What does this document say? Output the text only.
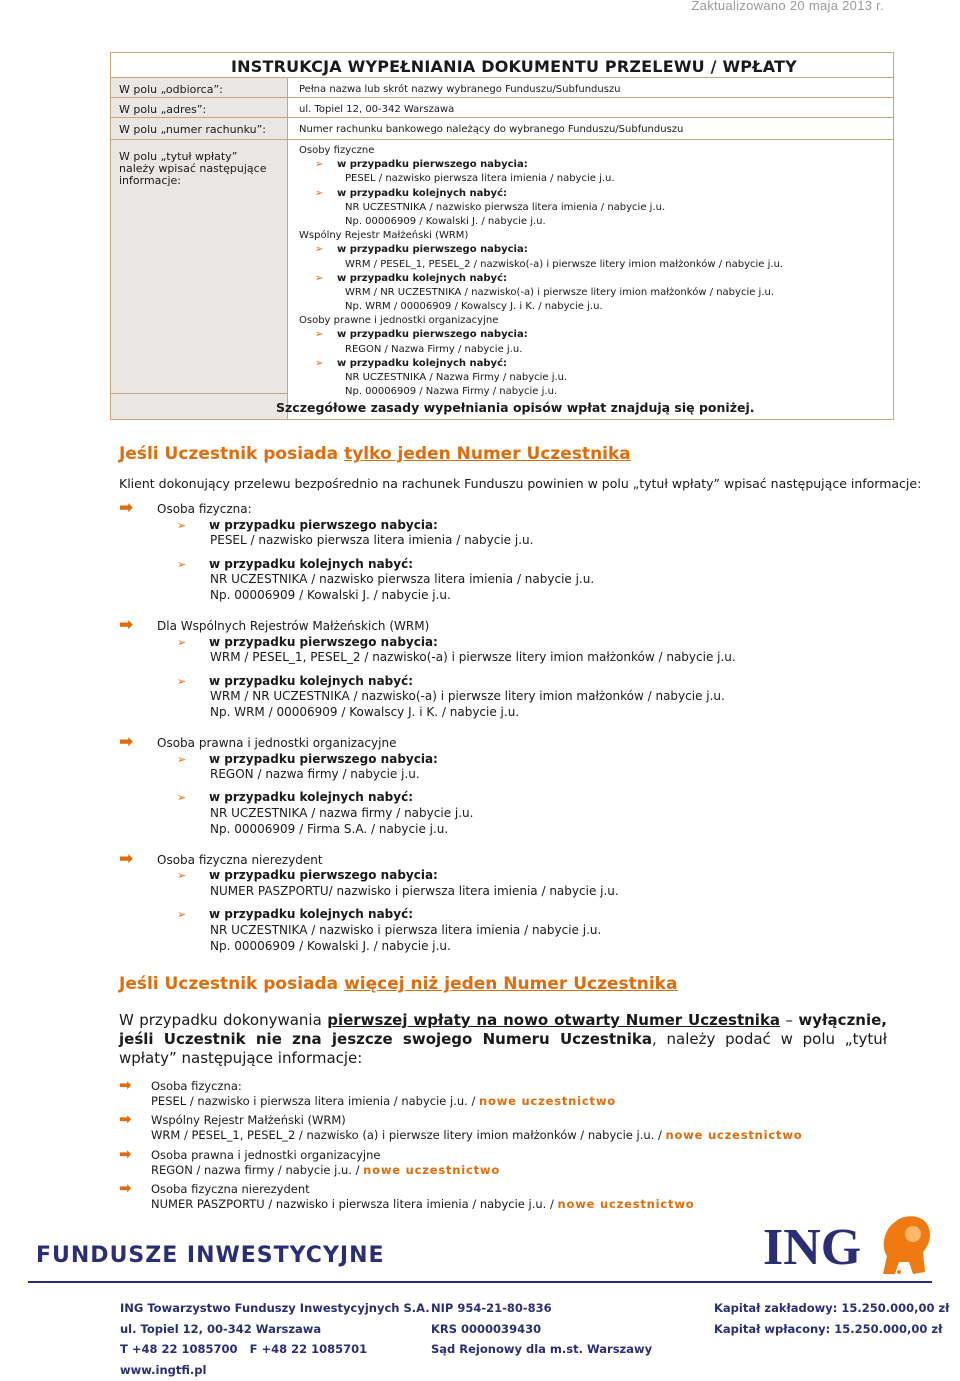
Zaktualizowano 20 maja 2013 r.
INSTRUKCJA WYPEŁNIANIA DOKUMENTU PRZELEWU / WPŁATY
W polu „odbiorca”:
W polu „adres”:
W polu „numer rachunku”:
W polu „tytuł wpłaty” należy wpisać następujące informacje:
Pełna nazwa lub skrót nazwy wybranego Funduszu/Subfunduszu
ul. Topiel 12, 00-342 Warszawa
Numer rachunku bankowego należący do wybranego Funduszu/Subfunduszu
Osoby fizyczne
➢ w przypadku pierwszego nabycia:
PESEL / nazwisko pierwsza litera imienia / nabycie j.u.
➢ w przypadku kolejnych nabyć:
NR UCZESTNIKA / nazwisko pierwsza litera imienia / nabycie j.u.
Np. 00006909 / Kowalski J. / nabycie j.u.
Wspólny Rejestr Małżeński (WRM)
➢ w przypadku pierwszego nabycia:
WRM / PESEL_1, PESEL_2 / nazwisko(-a) i pierwsze litery imion małżonków / nabycie j.u.
➢ w przypadku kolejnych nabyć:
WRM / NR UCZESTNIKA / nazwisko(-a) i pierwsze litery imion małżonków / nabycie j.u.
Np. WRM / 00006909 / Kowalscy J. i K. / nabycie j.u.
Osoby prawne i jednostki organizacyjne
➢ w przypadku pierwszego nabycia:
REGON / Nazwa Firmy / nabycie j.u.
➢ w przypadku kolejnych nabyć:
NR UCZESTNIKA / Nazwa Firmy / nabycie j.u.
Np. 00006909 / Nazwa Firmy / nabycie j.u.
Szczegółowe zasady wypełniania opisów wpłat znajdują się poniżej.
Jeśli Uczestnik posiada tylko jeden Numer Uczestnika
Klient dokonujący przelewu bezpośrednio na rachunek Funduszu powinien w polu „tytuł wpłaty” wpisać następujące informacje:
➡ Osoba fizyczna:
➢ w przypadku pierwszego nabycia:
PESEL / nazwisko pierwsza litera imienia / nabycie j.u.
➢ w przypadku kolejnych nabyć:
NR UCZESTNIKA / nazwisko pierwsza litera imienia / nabycie j.u.
Np. 00006909 / Kowalski J. / nabycie j.u.
➡ Dla Wspólnych Rejestrów Małżeńskich (WRM)
➢ w przypadku pierwszego nabycia:
WRM / PESEL_1, PESEL_2 / nazwisko(-a) i pierwsze litery imion małżonków / nabycie j.u.
➢ w przypadku kolejnych nabyć:
WRM / NR UCZESTNIKA / nazwisko(-a) i pierwsze litery imion małżonków / nabycie j.u.
Np. WRM / 00006909 / Kowalscy J. i K. / nabycie j.u.
➡ Osoba prawna i jednostki organizacyjne
➢ w przypadku pierwszego nabycia:
REGON / nazwa firmy / nabycie j.u.
➢ w przypadku kolejnych nabyć:
NR UCZESTNIKA / nazwa firmy / nabycie j.u.
Np. 00006909 / Firma S.A. / nabycie j.u.
➡ Osoba fizyczna nierezydent
➢ w przypadku pierwszego nabycia:
NUMER PASZPORTU/ nazwisko i pierwsza litera imienia / nabycie j.u.
➢ w przypadku kolejnych nabyć:
NR UCZESTNIKA / nazwisko i pierwsza litera imienia / nabycie j.u.
Np. 00006909 / Kowalski J. / nabycie j.u.
Jeśli Uczestnik posiada więcej niż jeden Numer Uczestnika
W przypadku dokonywania pierwszej wpłaty na nowo otwarty Numer Uczestnika – wyłącznie, jeśli Uczestnik nie zna jeszcze swojego Numeru Uczestnika, należy podać w polu „tytuł wpłaty” następujące informacje:
➡ Osoba fizyczna:
PESEL / nazwisko i pierwsza litera imienia / nabycie j.u. / nowe uczestnictwo
➡ Wspólny Rejestr Małżeński (WRM)
WRM / PESEL_1, PESEL_2 / nazwisko (a) i pierwsze litery imion małżonków / nabycie j.u. / nowe uczestnictwo
➡ Osoba prawna i jednostki organizacyjne
REGON / nazwa firmy / nabycie j.u. / nowe uczestnictwo
➡ Osoba fizyczna nierezydent
NUMER PASZPORTU / nazwisko i pierwsza litera imienia / nabycie j.u. / nowe uczestnictwo
FUNDUSZE INWESTYCYJNE	ING
ING Towarzystwo Funduszy Inwestycyjnych S.A.
ul. Topiel 12, 00-342 Warszawa
T +48 22 1085700 F +48 22 1085701
www.ingtfi.pl
NIP 954-21-80-836
KRS 0000039430
Sąd Rejonowy dla m.st. Warszawy
Kapitał zakładowy: 15.250.000,00 zł
Kapitał wpłacony: 15.250.000,00 zł
